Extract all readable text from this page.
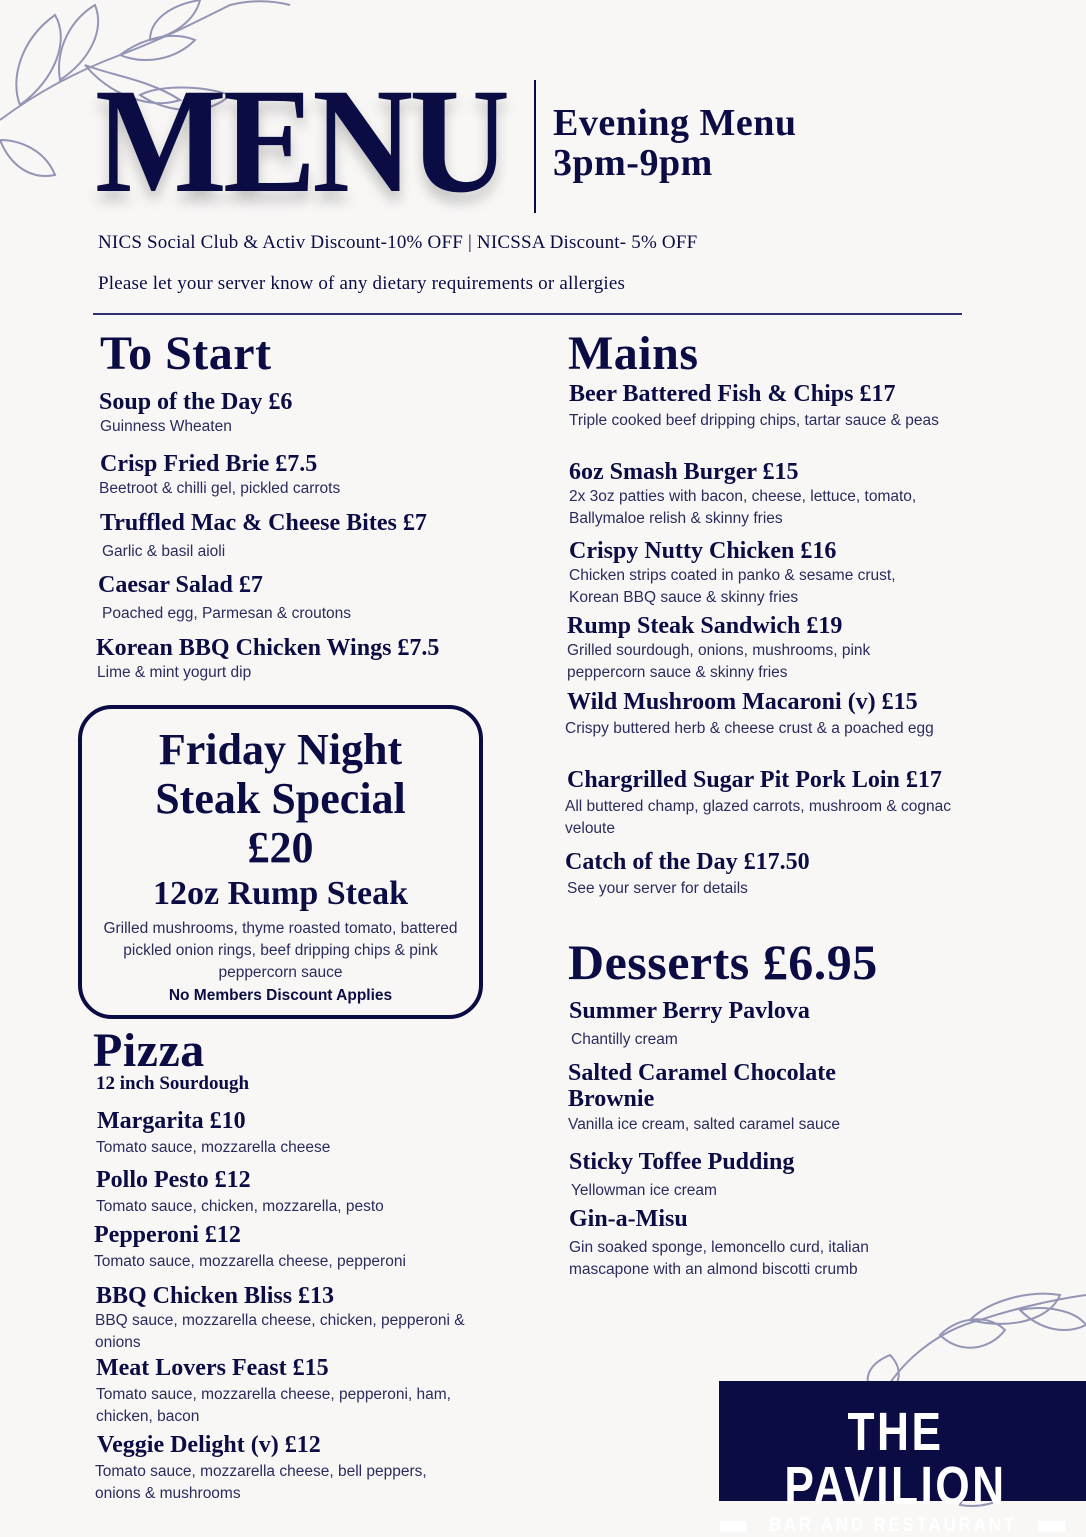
MENU Evening Menu
3pm-9pm
NICS Social Club & Activ Discount-10% OFF | NICSSA Discount- 5% OFF
Please let your server know of any dietary requirements or allergies
To Start
Soup of the Day £6
Guinness Wheaten
Crisp Fried Brie £7.5
Beetroot & chilli gel, pickled carrots
Truffled Mac & Cheese Bites £7
Garlic & basil aioli
Caesar Salad £7
Poached egg, Parmesan & croutons
Korean BBQ Chicken Wings £7.5
Lime & mint yogurt dip
Friday Night
Steak Special
£20
12oz Rump Steak
Grilled mushrooms, thyme roasted tomato, battered pickled onion rings, beef dripping chips & pink peppercorn sauce
No Members Discount Applies
Pizza
12 inch Sourdough
Margarita £10
Tomato sauce, mozzarella cheese
Pollo Pesto £12
Tomato sauce, chicken, mozzarella, pesto
Pepperoni £12
Tomato sauce, mozzarella cheese, pepperoni
BBQ Chicken Bliss £13
BBQ sauce, mozzarella cheese, chicken, pepperoni & onions
Meat Lovers Feast £15
Tomato sauce, mozzarella cheese, pepperoni, ham, chicken, bacon
Veggie Delight (v) £12
Tomato sauce, mozzarella cheese, bell peppers, onions & mushrooms
Mains
Beer Battered Fish & Chips £17
Triple cooked beef dripping chips, tartar sauce & peas
6oz Smash Burger £15
2x 3oz patties with bacon, cheese, lettuce, tomato, Ballymaloe relish & skinny fries
Crispy Nutty Chicken £16
Chicken strips coated in panko & sesame crust, Korean BBQ sauce & skinny fries
Rump Steak Sandwich £19
Grilled sourdough, onions, mushrooms, pink peppercorn sauce & skinny fries
Wild Mushroom Macaroni (v) £15
Crispy buttered herb & cheese crust & a poached egg
Chargrilled Sugar Pit Pork Loin £17
All buttered champ, glazed carrots, mushroom & cognac veloute
Catch of the Day £17.50
See your server for details
Desserts £6.95
Summer Berry Pavlova
Chantilly cream
Salted Caramel Chocolate Brownie
Vanilla ice cream, salted caramel sauce
Sticky Toffee Pudding
Yellowman ice cream
Gin-a-Misu
Gin soaked sponge, lemoncello curd, italian mascapone with an almond biscotti crumb
THE PAVILION
BAR AND RESTAURANT
